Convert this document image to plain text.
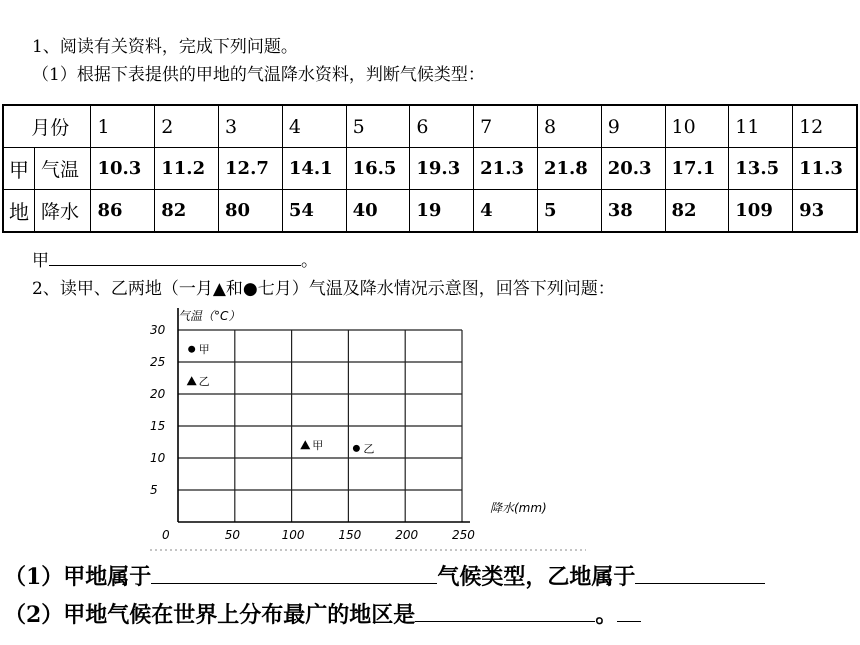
1、阅读有关资料，完成下列问题。
（1）根据下表提供的甲地的气温降水资料，判断气候类型：
月份		1	2	3	4	5	6	7	8	9	10	11	12
甲	气温	10.3	11.2	12.7	14.1	16.5	19.3	21.3	21.8	20.3	17.1	13.5	11.3
地	降水	86	82	80	54	40	19	4	5	38	82	109	93
甲	。
2、读甲、乙两地（一月▲和●七月）气温及降水情况示意图，回答下列问题：
0	50	100	150	200	250
5
10
15
20
25
30
气温（°C）
降水(mm)
甲
乙
甲	乙
（1）甲地属于	气候类型，乙地属于
（2）甲地气候在世界上分布最广的地区是	。
